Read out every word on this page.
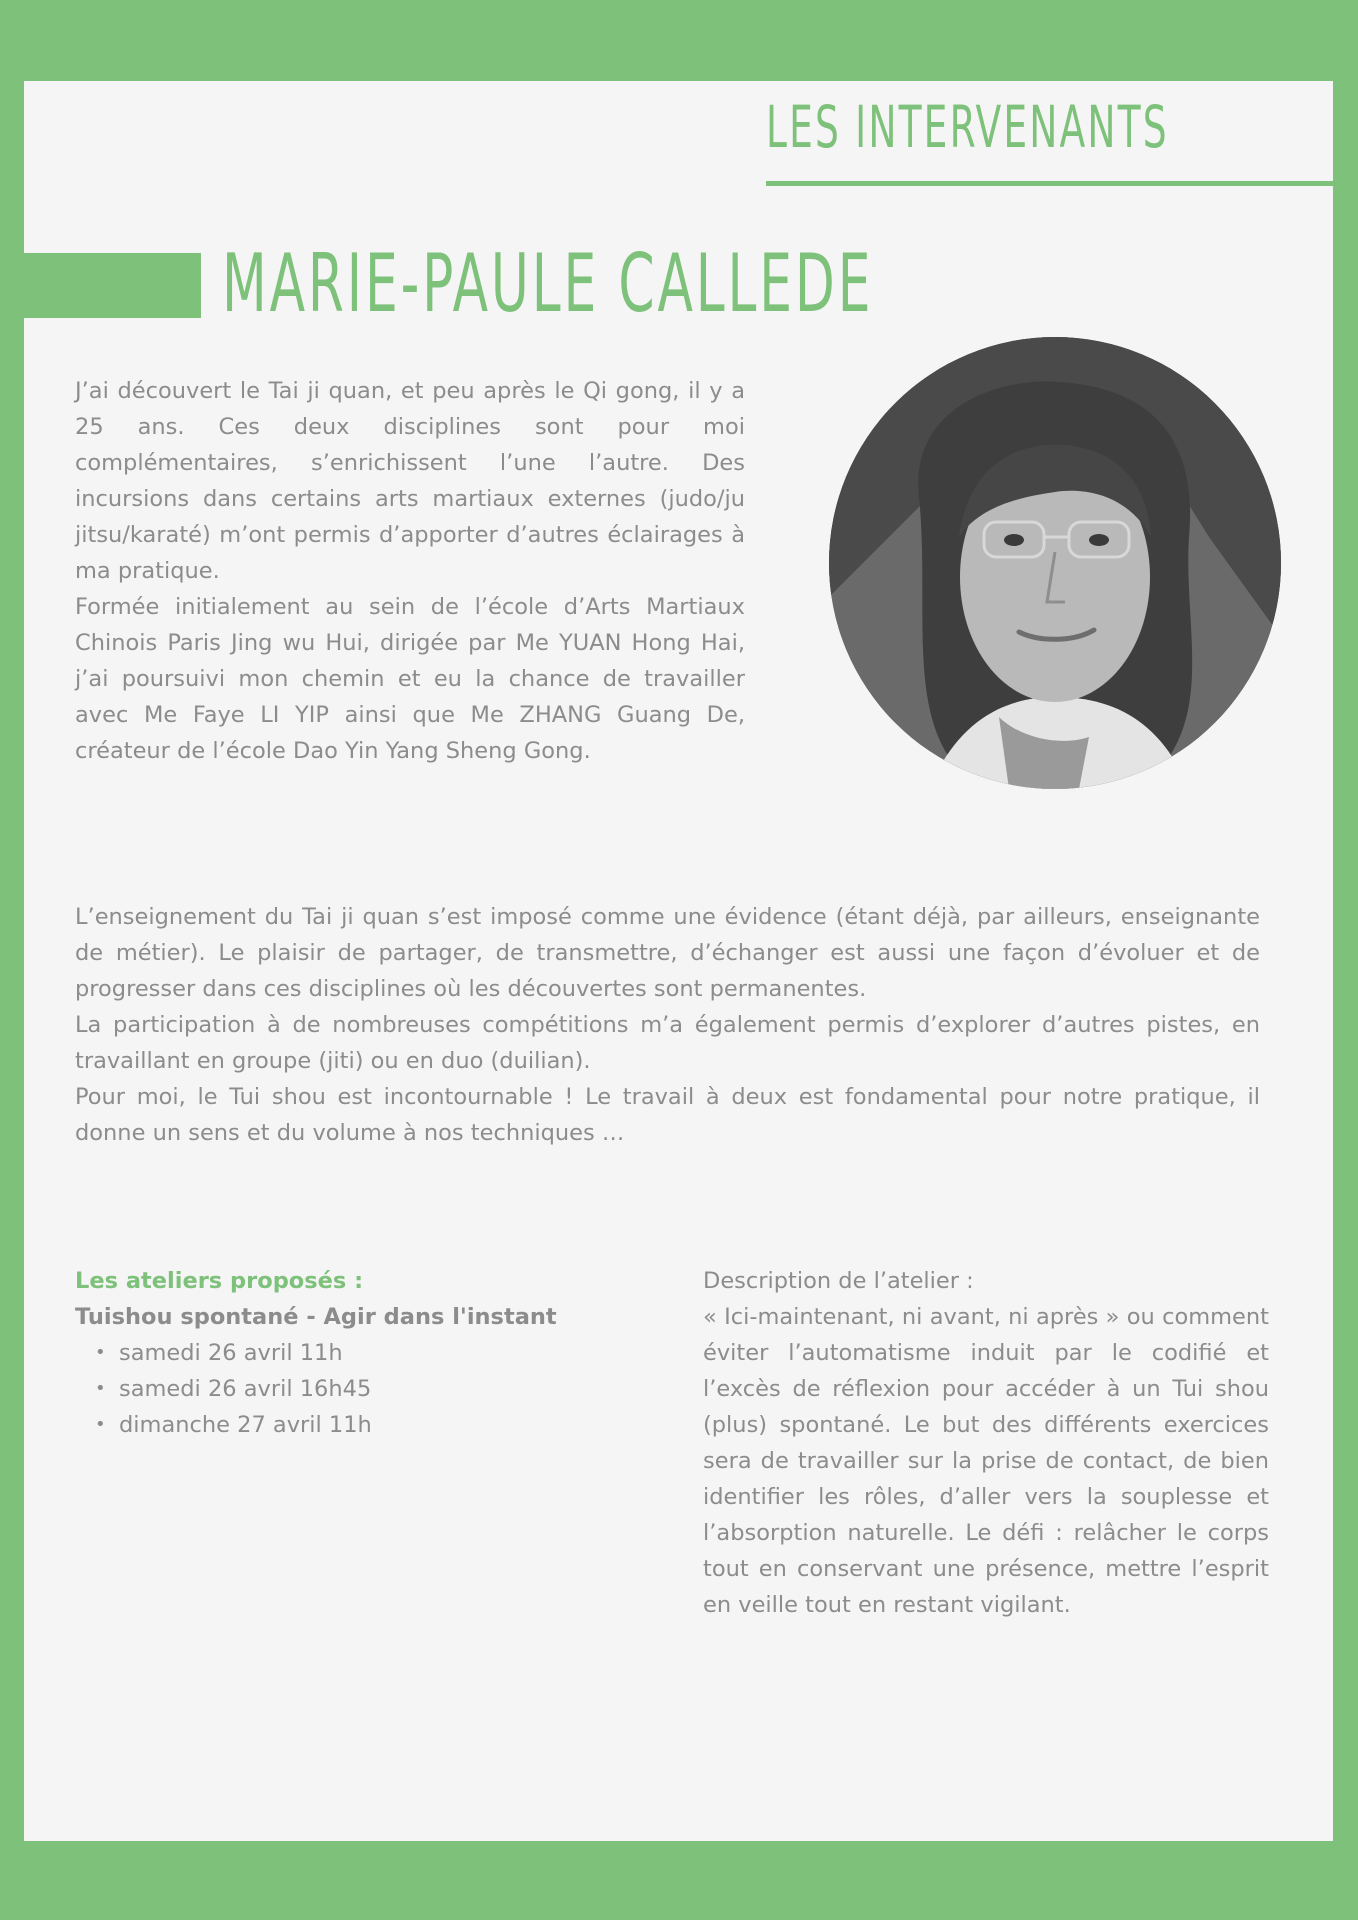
LES INTERVENANTS
MARIE-PAULE CALLEDE

J’ai découvert le Tai ji quan, et peu après le Qi gong, il y a 25 ans. Ces deux disciplines sont pour moi complémentaires, s’enrichissent l’une l’autre. Des incursions dans certains arts martiaux externes (judo/ju jitsu/karaté) m’ont permis d’apporter d’autres éclairages à ma pratique.

Formée initialement au sein de l’école d’Arts Martiaux Chinois Paris Jing wu Hui, dirigée par Me YUAN Hong Hai, j’ai poursuivi mon chemin et eu la chance de travailler avec Me Faye LI YIP ainsi que Me ZHANG Guang De, créateur de l’école Dao Yin Yang Sheng Gong.

L’enseignement du Tai ji quan s’est imposé comme une évidence (étant déjà, par ailleurs, enseignante de métier). Le plaisir de partager, de transmettre, d’échanger est aussi une façon d’évoluer et de progresser dans ces disciplines où les découvertes sont permanentes.

La participation à de nombreuses compétitions m’a également permis d’explorer d’autres pistes, en travaillant en groupe (jiti) ou en duo (duilian).

Pour moi, le Tui shou est incontournable ! Le travail à deux est fondamental pour notre pratique, il donne un sens et du volume à nos techniques …

Les ateliers proposés :

Tuishou spontané - Agir dans l'instant

• samedi 26 avril 11h
• samedi 26 avril 16h45
• dimanche 27 avril 11h

Description de l’atelier :

« Ici-maintenant, ni avant, ni après » ou comment éviter l’automatisme induit par le codifié et l’excès de réflexion pour accéder à un Tui shou (plus) spontané. Le but des différents exercices sera de travailler sur la prise de contact, de bien identifier les rôles, d’aller vers la souplesse et l’absorption naturelle. Le défi : relâcher le corps tout en conservant une présence, mettre l’esprit en veille tout en restant vigilant.
